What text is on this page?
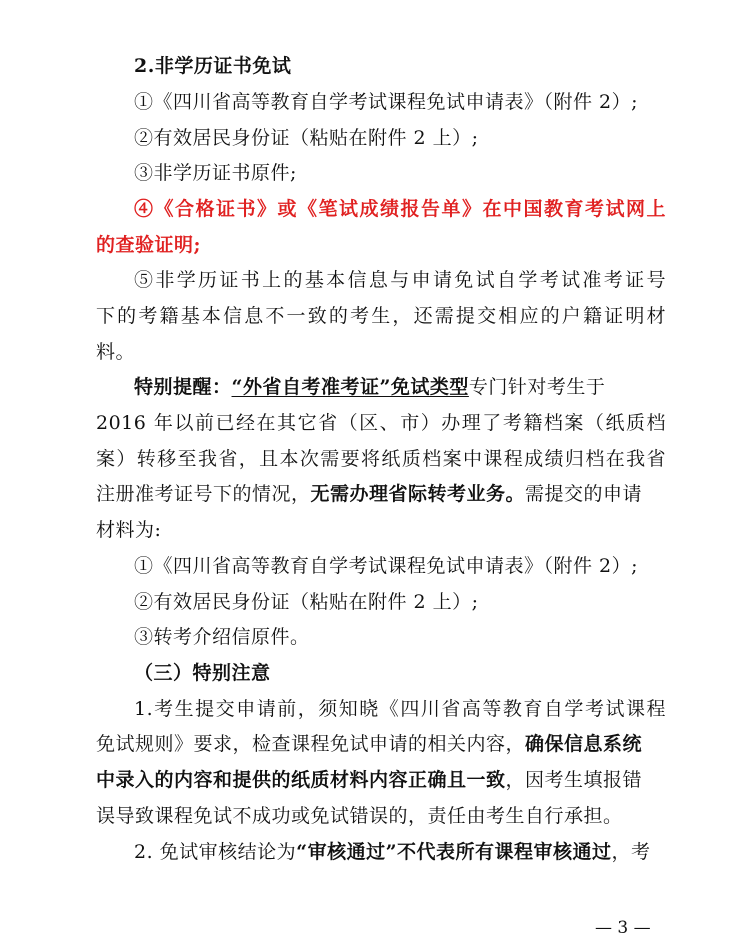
2.非学历证书免试
①《四川省高等教育自学考试课程免试申请表》（附件 2）;
②有效居民身份证（粘贴在附件 2 上）;
③非学历证书原件;
④《合格证书》或《笔试成绩报告单》在中国教育考试网上
的查验证明;
⑤非学历证书上的基本信息与申请免试自学考试准考证号
下的考籍基本信息不一致的考生，还需提交相应的户籍证明材
料。
特别提醒：“外省自考准考证”免试类型专门针对考生于
2016 年以前已经在其它省（区、市）办理了考籍档案（纸质档
案）转移至我省，且本次需要将纸质档案中课程成绩归档在我省
注册准考证号下的情况，无需办理省际转考业务。需提交的申请
材料为:
①《四川省高等教育自学考试课程免试申请表》（附件 2）;
②有效居民身份证（粘贴在附件 2 上）;
③转考介绍信原件。
（三）特别注意
1.考生提交申请前，须知晓《四川省高等教育自学考试课程
免试规则》要求，检查课程免试申请的相关内容，确保信息系统
中录入的内容和提供的纸质材料内容正确且一致，因考生填报错
误导致课程免试不成功或免试错误的，责任由考生自行承担。
2. 免试审核结论为“审核通过”不代表所有课程审核通过，考
— 3 —
